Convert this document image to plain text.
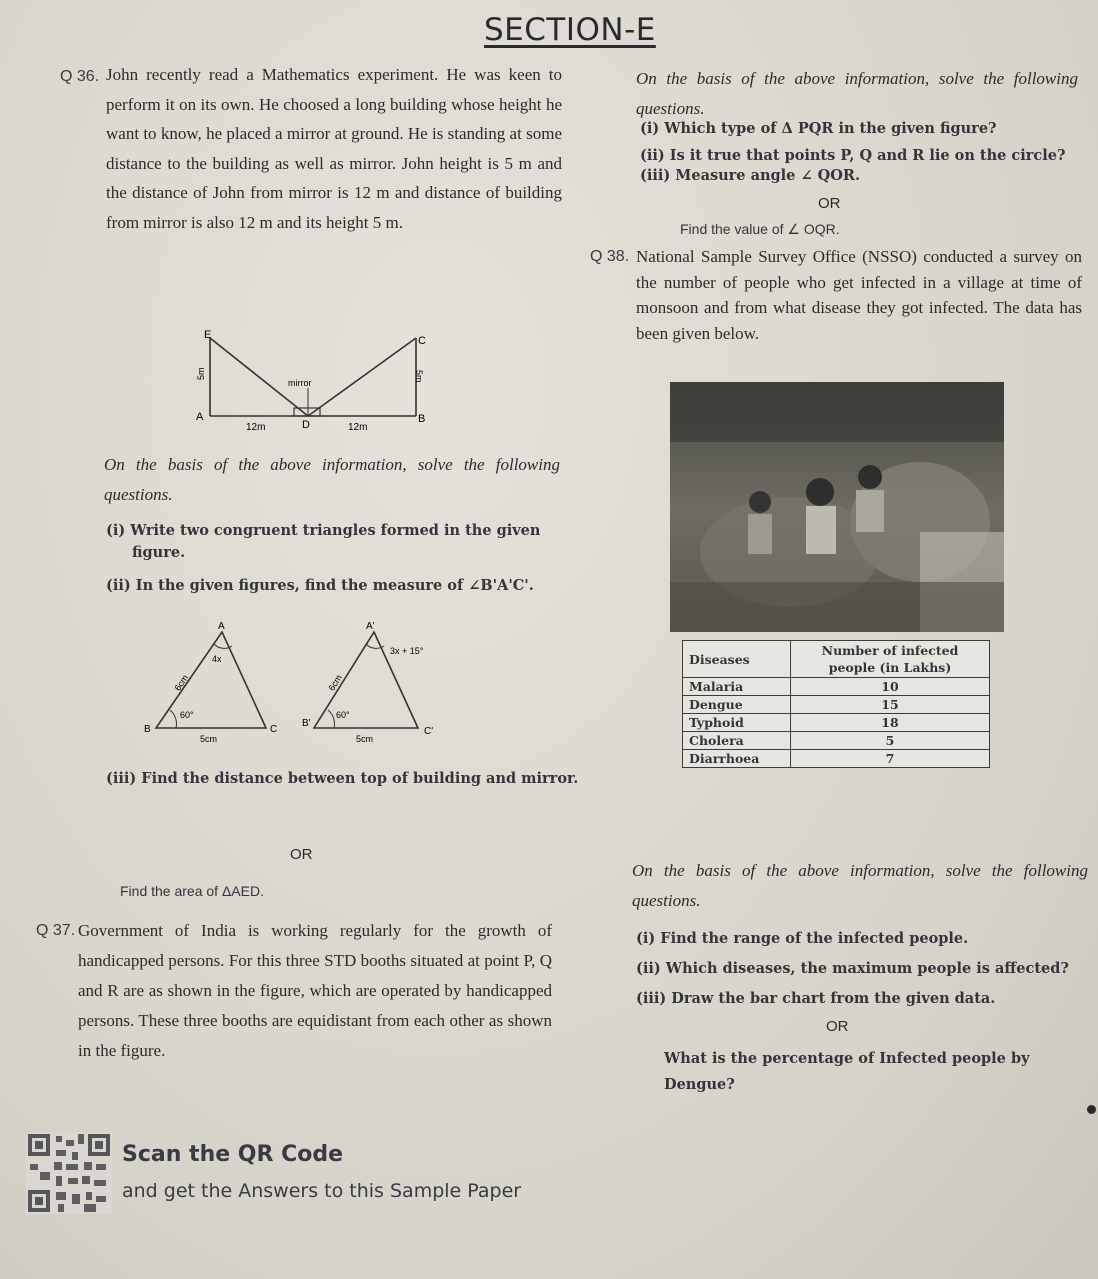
SECTION-E
Q 36. John recently read a Mathematics experiment. He was keen to perform it on its own. He choosed a long building whose height he want to know, he placed a mirror at ground. He is standing at some distance to the building as well as mirror. John height is 5 m and the distance of John from mirror is 12 m and distance of building from mirror is also 12 m and its height 5 m.
E	C
A	B
D
mirror
12m	12m
5m	5m
On the basis of the above information, solve the following questions.
(i) Write two congruent triangles formed in the given figure.
(ii) In the given figures, find the measure of ∠B'A'C'.
A
B	C
4x
60°
5cm
6cm
A'
B'
C'
3x + 15°
60°
5cm
6cm
(iii) Find the distance between top of building and mirror.
OR
Find the area of ΔAED.
On the basis of the above information, solve the following questions.
(i) Which type of Δ PQR in the given figure?
(ii) Is it true that points P, Q and R lie on the circle?
(iii) Measure angle ∠ QOR.
OR
Find the value of ∠ OQR.
Q 37. Government of India is working regularly for the growth of handicapped persons. For this three STD booths situated at point P, Q and R are as shown in the figure, which are operated by handicapped persons. These three booths are equidistant from each other as shown in the figure.
Q 38. National Sample Survey Office (NSSO) conducted a survey on the number of people who get infected in a village at time of monsoon and from what disease they got infected. The data has been given below.
Diseases	Number of infected people (in Lakhs)
Malaria	10
Dengue	15
Typhoid	18
Cholera	5
Diarrhoea	7
On the basis of the above information, solve the following questions.
(i) Find the range of the infected people.
(ii) Which diseases, the maximum people is affected?
(iii) Draw the bar chart from the given data.
OR
What is the percentage of Infected people by Dengue?
Scan the QR Code
and get the Answers to this Sample Paper
